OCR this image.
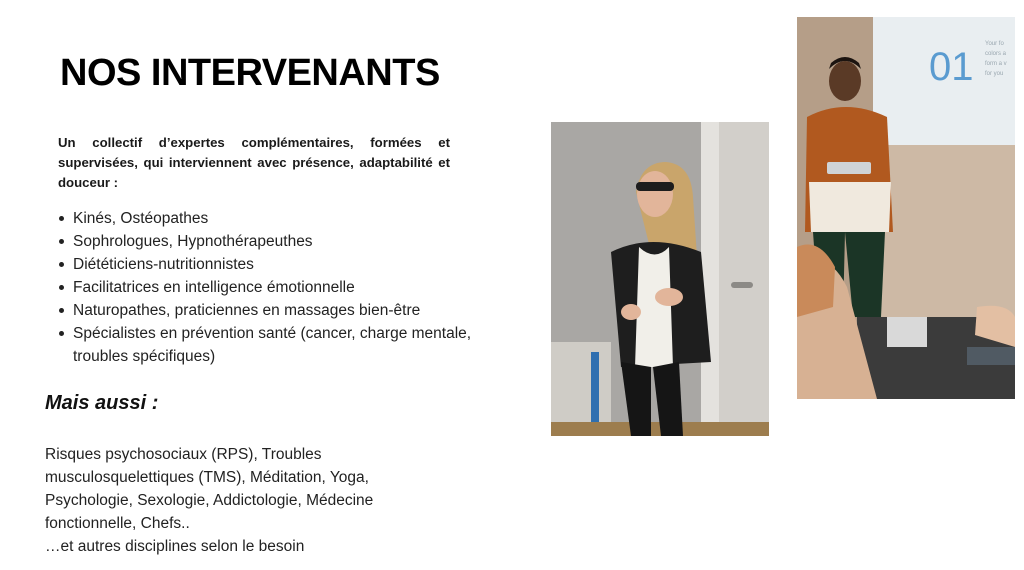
NOS INTERVENANTS

Un collectif d’expertes complémentaires, formées et supervisées, qui interviennent avec présence, adaptabilité et douceur :

Kinés, Ostéopathes
Sophrologues, Hypnothérapeuthes
Diététiciens-nutritionnistes
Facilitatrices en intelligence émotionnelle
Naturopathes, praticiennes en massages bien-être
Spécialistes en prévention santé (cancer, charge mentale, troubles spécifiques)
Mais aussi :

Risques psychosociaux (RPS), Troubles musculosquelettiques (TMS), Méditation, Yoga, Psychologie, Sexologie, Addictologie, Médecine fonctionnelle, Chefs..

…et autres disciplines selon le besoin

01
Your fo
colors a
form a v
for you
